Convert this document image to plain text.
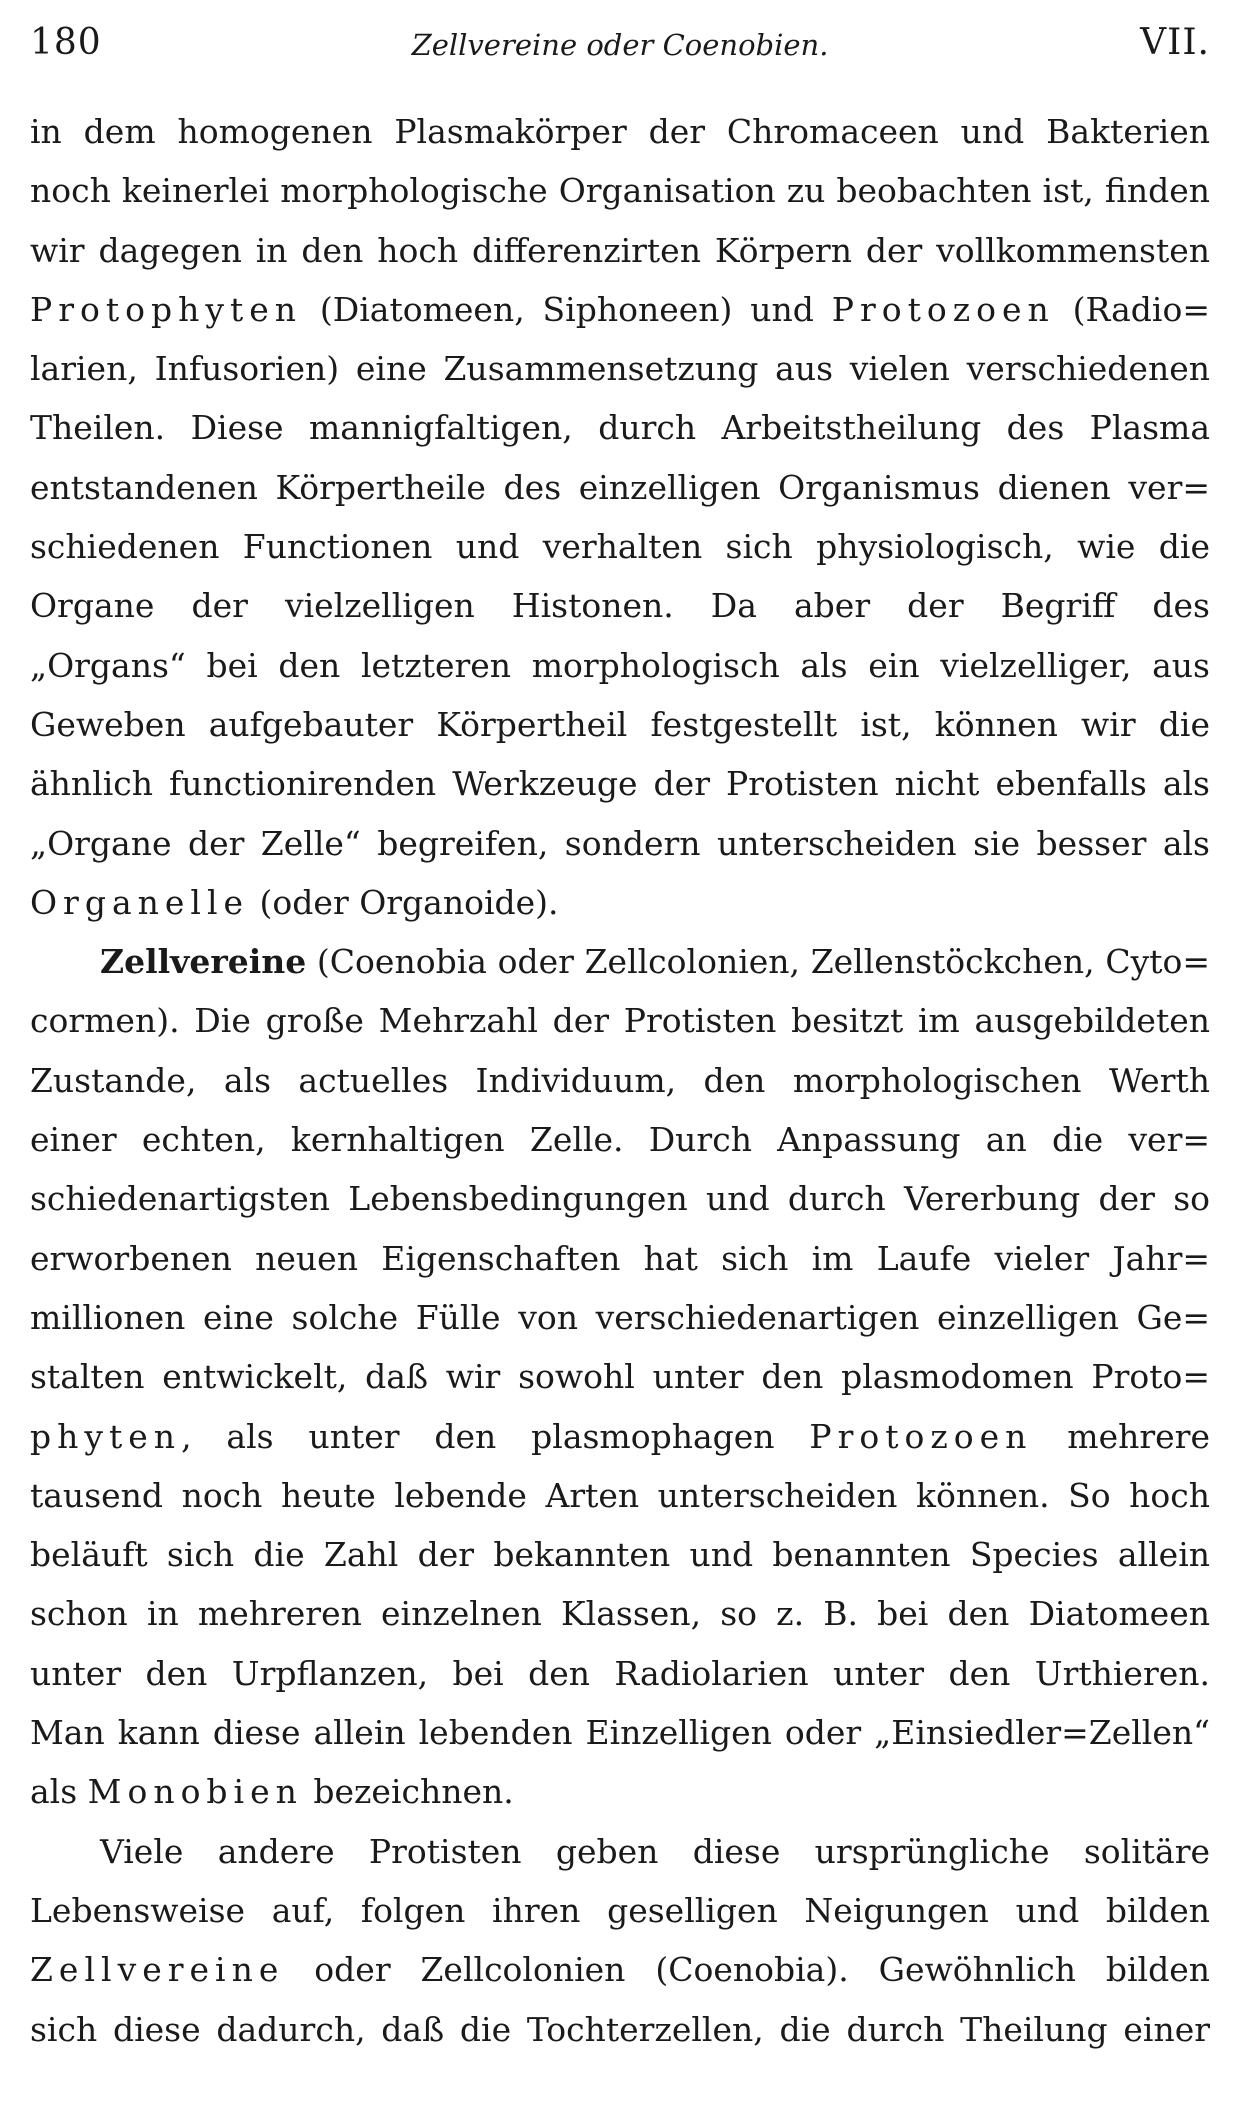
180	Zellvereine oder Coenobien.	VII.
in dem homogenen Plasmakörper der Chromaceen und Bakterien
noch keinerlei morphologische Organisation zu beobachten ist, finden
wir dagegen in den hoch differenzirten Körpern der vollkommensten
Protophyten (Diatomeen, Siphoneen) und Protozoen (Radio=
larien, Infusorien) eine Zusammensetzung aus vielen verschiedenen
Theilen. Diese mannigfaltigen, durch Arbeitstheilung des Plasma
entstandenen Körpertheile des einzelligen Organismus dienen ver=
schiedenen Functionen und verhalten sich physiologisch, wie die
Organe der vielzelligen Histonen. Da aber der Begriff des
„Organs“ bei den letzteren morphologisch als ein vielzelliger, aus
Geweben aufgebauter Körpertheil festgestellt ist, können wir die
ähnlich functionirenden Werkzeuge der Protisten nicht ebenfalls als
„Organe der Zelle“ begreifen, sondern unterscheiden sie besser als
Organelle (oder Organoide).
Zellvereine (Coenobia oder Zellcolonien, Zellenstöckchen, Cyto=
cormen). Die große Mehrzahl der Protisten besitzt im ausgebildeten
Zustande, als actuelles Individuum, den morphologischen Werth
einer echten, kernhaltigen Zelle. Durch Anpassung an die ver=
schiedenartigsten Lebensbedingungen und durch Vererbung der so
erworbenen neuen Eigenschaften hat sich im Laufe vieler Jahr=
millionen eine solche Fülle von verschiedenartigen einzelligen Ge=
stalten entwickelt, daß wir sowohl unter den plasmodomen Proto=
phyten, als unter den plasmophagen Protozoen mehrere
tausend noch heute lebende Arten unterscheiden können. So hoch
beläuft sich die Zahl der bekannten und benannten Species allein
schon in mehreren einzelnen Klassen, so z. B. bei den Diatomeen
unter den Urpflanzen, bei den Radiolarien unter den Urthieren.
Man kann diese allein lebenden Einzelligen oder „Einsiedler=Zellen“
als Monobien bezeichnen.
Viele andere Protisten geben diese ursprüngliche solitäre
Lebensweise auf, folgen ihren geselligen Neigungen und bilden
Zellvereine oder Zellcolonien (Coenobia). Gewöhnlich bilden
sich diese dadurch, daß die Tochterzellen, die durch Theilung einer
